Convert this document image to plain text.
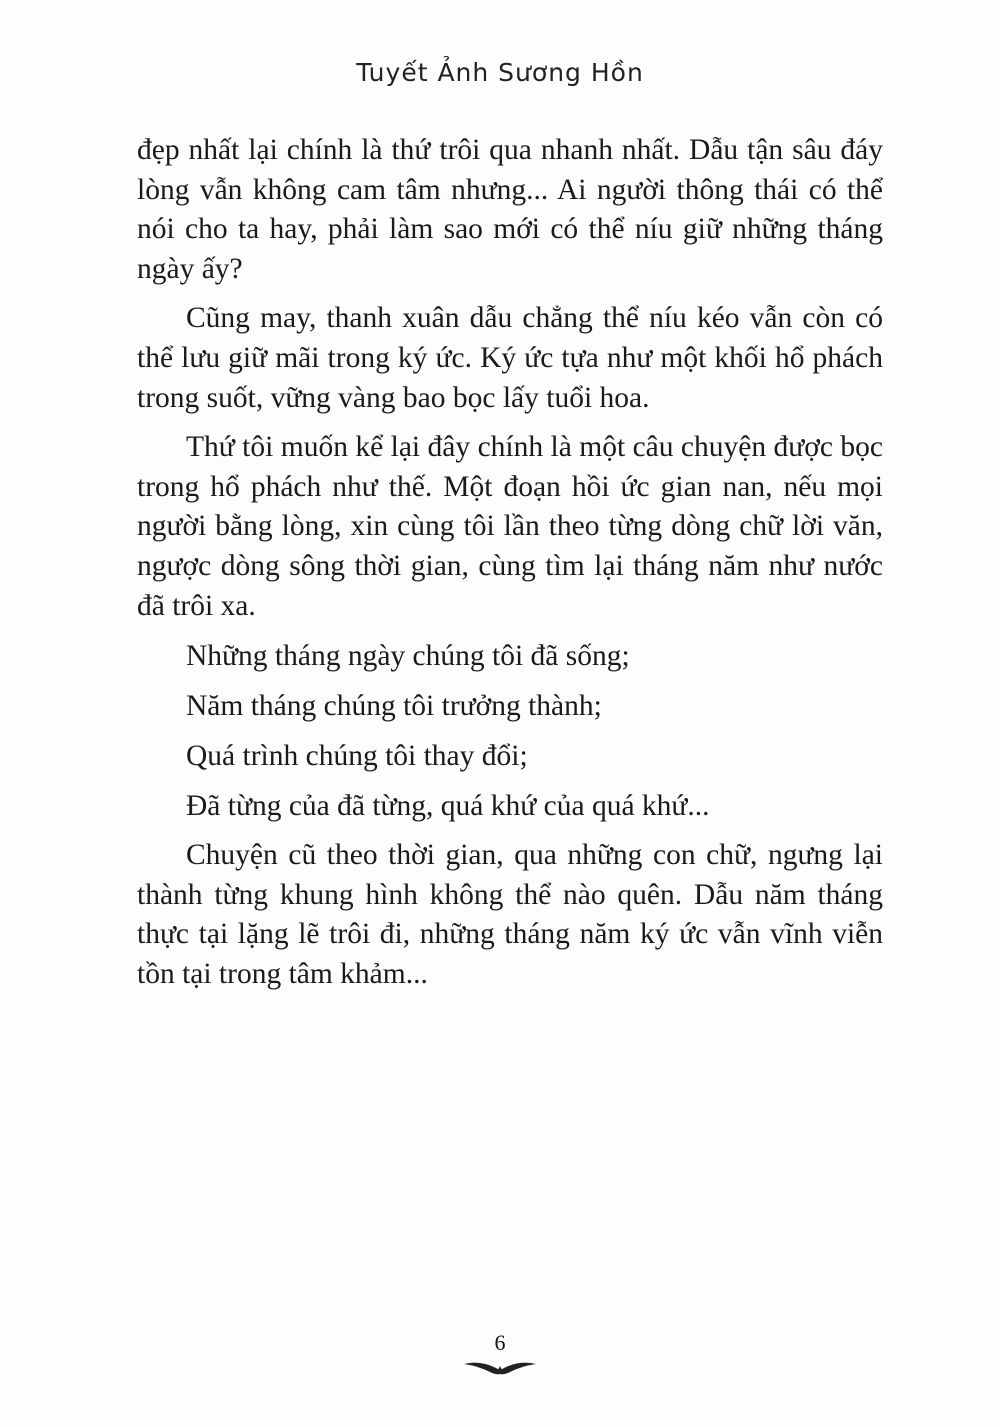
Tuyết Ảnh Sương Hồn

đẹp nhất lại chính là thứ trôi qua nhanh nhất. Dẫu tận sâu đáy lòng vẫn không cam tâm nhưng... Ai người thông thái có thể nói cho ta hay, phải làm sao mới có thể níu giữ những tháng ngày ấy?

Cũng may, thanh xuân dẫu chẳng thể níu kéo vẫn còn có thể lưu giữ mãi trong ký ức. Ký ức tựa như một khối hổ phách trong suốt, vững vàng bao bọc lấy tuổi hoa.

Thứ tôi muốn kể lại đây chính là một câu chuyện được bọc trong hổ phách như thế. Một đoạn hồi ức gian nan, nếu mọi người bằng lòng, xin cùng tôi lần theo từng dòng chữ lời văn, ngược dòng sông thời gian, cùng tìm lại tháng năm như nước đã trôi xa.

Những tháng ngày chúng tôi đã sống;
Năm tháng chúng tôi trưởng thành;
Quá trình chúng tôi thay đổi;
Đã từng của đã từng, quá khứ của quá khứ...

Chuyện cũ theo thời gian, qua những con chữ, ngưng lại thành từng khung hình không thể nào quên. Dẫu năm tháng thực tại lặng lẽ trôi đi, những tháng năm ký ức vẫn vĩnh viễn tồn tại trong tâm khảm...

6
